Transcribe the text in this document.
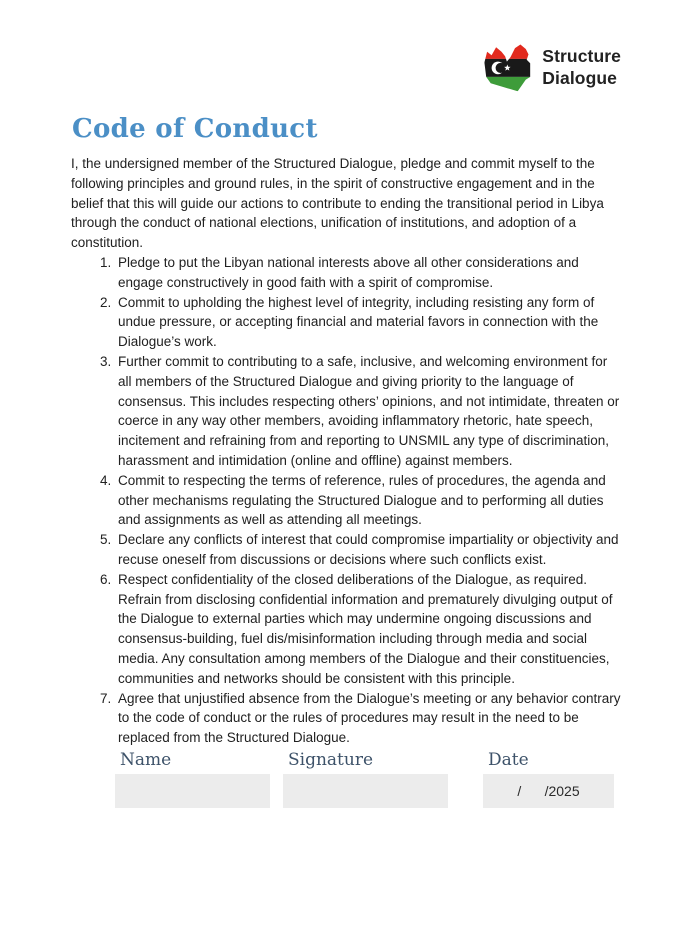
Structure
Dialogue
Code of Conduct

I, the undersigned member of the Structured Dialogue, pledge and commit myself to the following principles and ground rules, in the spirit of constructive engagement and in the belief that this will guide our actions to contribute to ending the transitional period in Libya through the conduct of national elections, unification of institutions, and adoption of a constitution.

1. Pledge to put the Libyan national interests above all other considerations and engage constructively in good faith with a spirit of compromise.
2. Commit to upholding the highest level of integrity, including resisting any form of undue pressure, or accepting financial and material favors in connection with the Dialogue’s work.
3. Further commit to contributing to a safe, inclusive, and welcoming environment for all members of the Structured Dialogue and giving priority to the language of consensus. This includes respecting others’ opinions, and not intimidate, threaten or coerce in any way other members, avoiding inflammatory rhetoric, hate speech, incitement and refraining from and reporting to UNSMIL any type of discrimination, harassment and intimidation (online and offline) against members.
4. Commit to respecting the terms of reference, rules of procedures, the agenda and other mechanisms regulating the Structured Dialogue and to performing all duties and assignments as well as attending all meetings.
5. Declare any conflicts of interest that could compromise impartiality or objectivity and recuse oneself from discussions or decisions where such conflicts exist.
6. Respect confidentiality of the closed deliberations of the Dialogue, as required. Refrain from disclosing confidential information and prematurely divulging output of the Dialogue to external parties which may undermine ongoing discussions and consensus-building, fuel dis/misinformation including through media and social media. Any consultation among members of the Dialogue and their constituencies, communities and networks should be consistent with this principle.
7. Agree that unjustified absence from the Dialogue’s meeting or any behavior contrary to the code of conduct or the rules of procedures may result in the need to be replaced from the Structured Dialogue.
Name	Signature	Date
/      /2025
